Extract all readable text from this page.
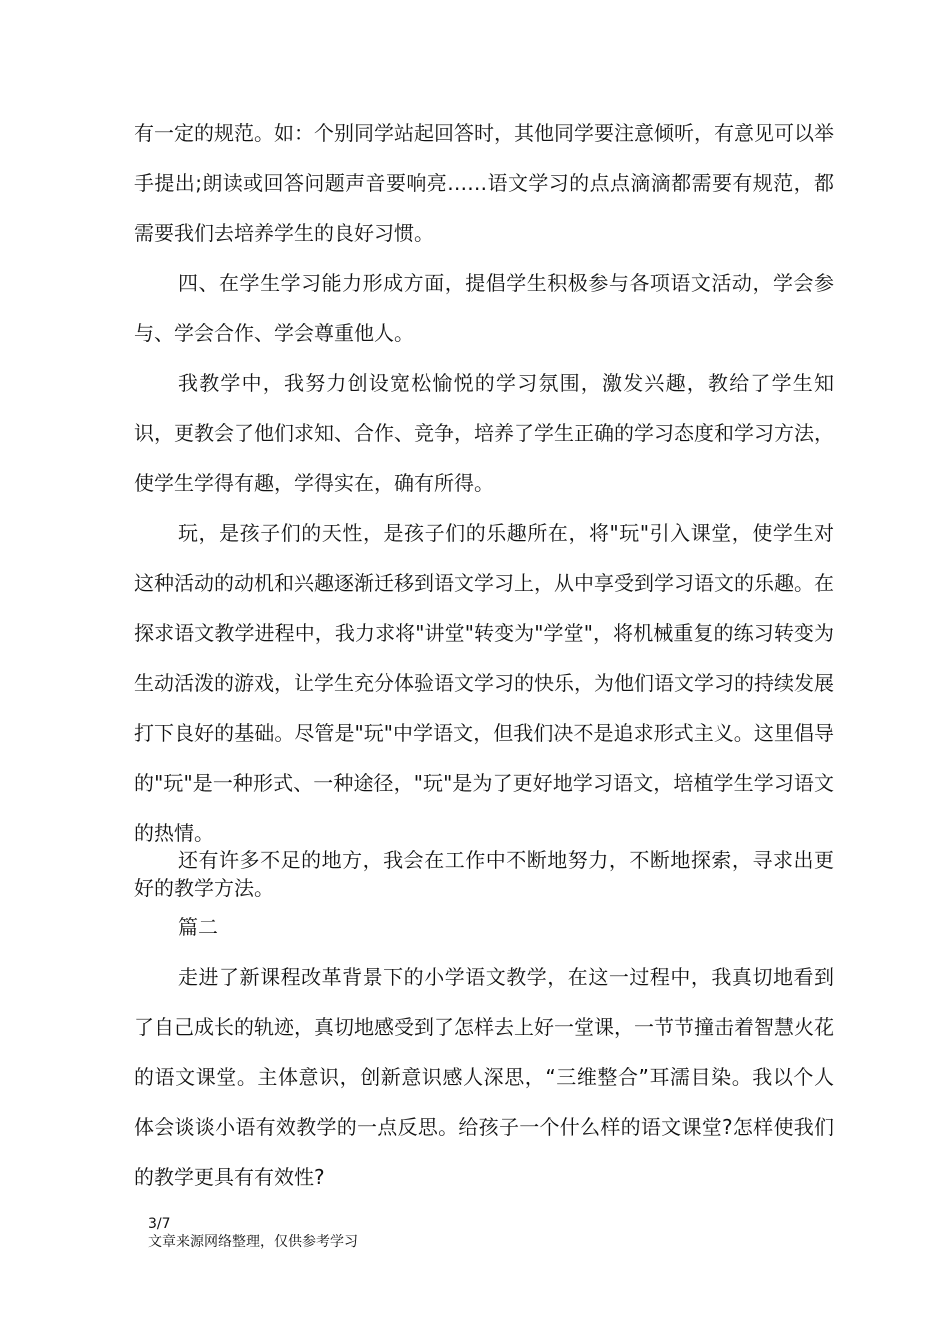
有一定的规范。如：个别同学站起回答时，其他同学要注意倾听，有意见可以举手提出;朗读或回答问题声音要响亮……语文学习的点点滴滴都需要有规范，都需要我们去培养学生的良好习惯。

四、在学生学习能力形成方面，提倡学生积极参与各项语文活动，学会参与、学会合作、学会尊重他人。

我教学中，我努力创设宽松愉悦的学习氛围，激发兴趣，教给了学生知识，更教会了他们求知、合作、竞争，培养了学生正确的学习态度和学习方法，使学生学得有趣，学得实在，确有所得。

玩，是孩子们的天性，是孩子们的乐趣所在，将"玩"引入课堂，使学生对这种活动的动机和兴趣逐渐迁移到语文学习上，从中享受到学习语文的乐趣。在探求语文教学进程中，我力求将"讲堂"转变为"学堂"，将机械重复的练习转变为生动活泼的游戏，让学生充分体验语文学习的快乐，为他们语文学习的持续发展打下良好的基础。尽管是"玩"中学语文，但我们决不是追求形式主义。这里倡导的"玩"是一种形式、一种途径，"玩"是为了更好地学习语文，培植学生学习语文的热情。

还有许多不足的地方，我会在工作中不断地努力，不断地探索，寻求出更好的教学方法。

篇二

走进了新课程改革背景下的小学语文教学，在这一过程中，我真切地看到了自己成长的轨迹，真切地感受到了怎样去上好一堂课，一节节撞击着智慧火花的语文课堂。主体意识，创新意识感人深思，“三维整合”耳濡目染。我以个人体会谈谈小语有效教学的一点反思。给孩子一个什么样的语文课堂?怎样使我们的教学更具有有效性?

3/7

文章来源网络整理，仅供参考学习
